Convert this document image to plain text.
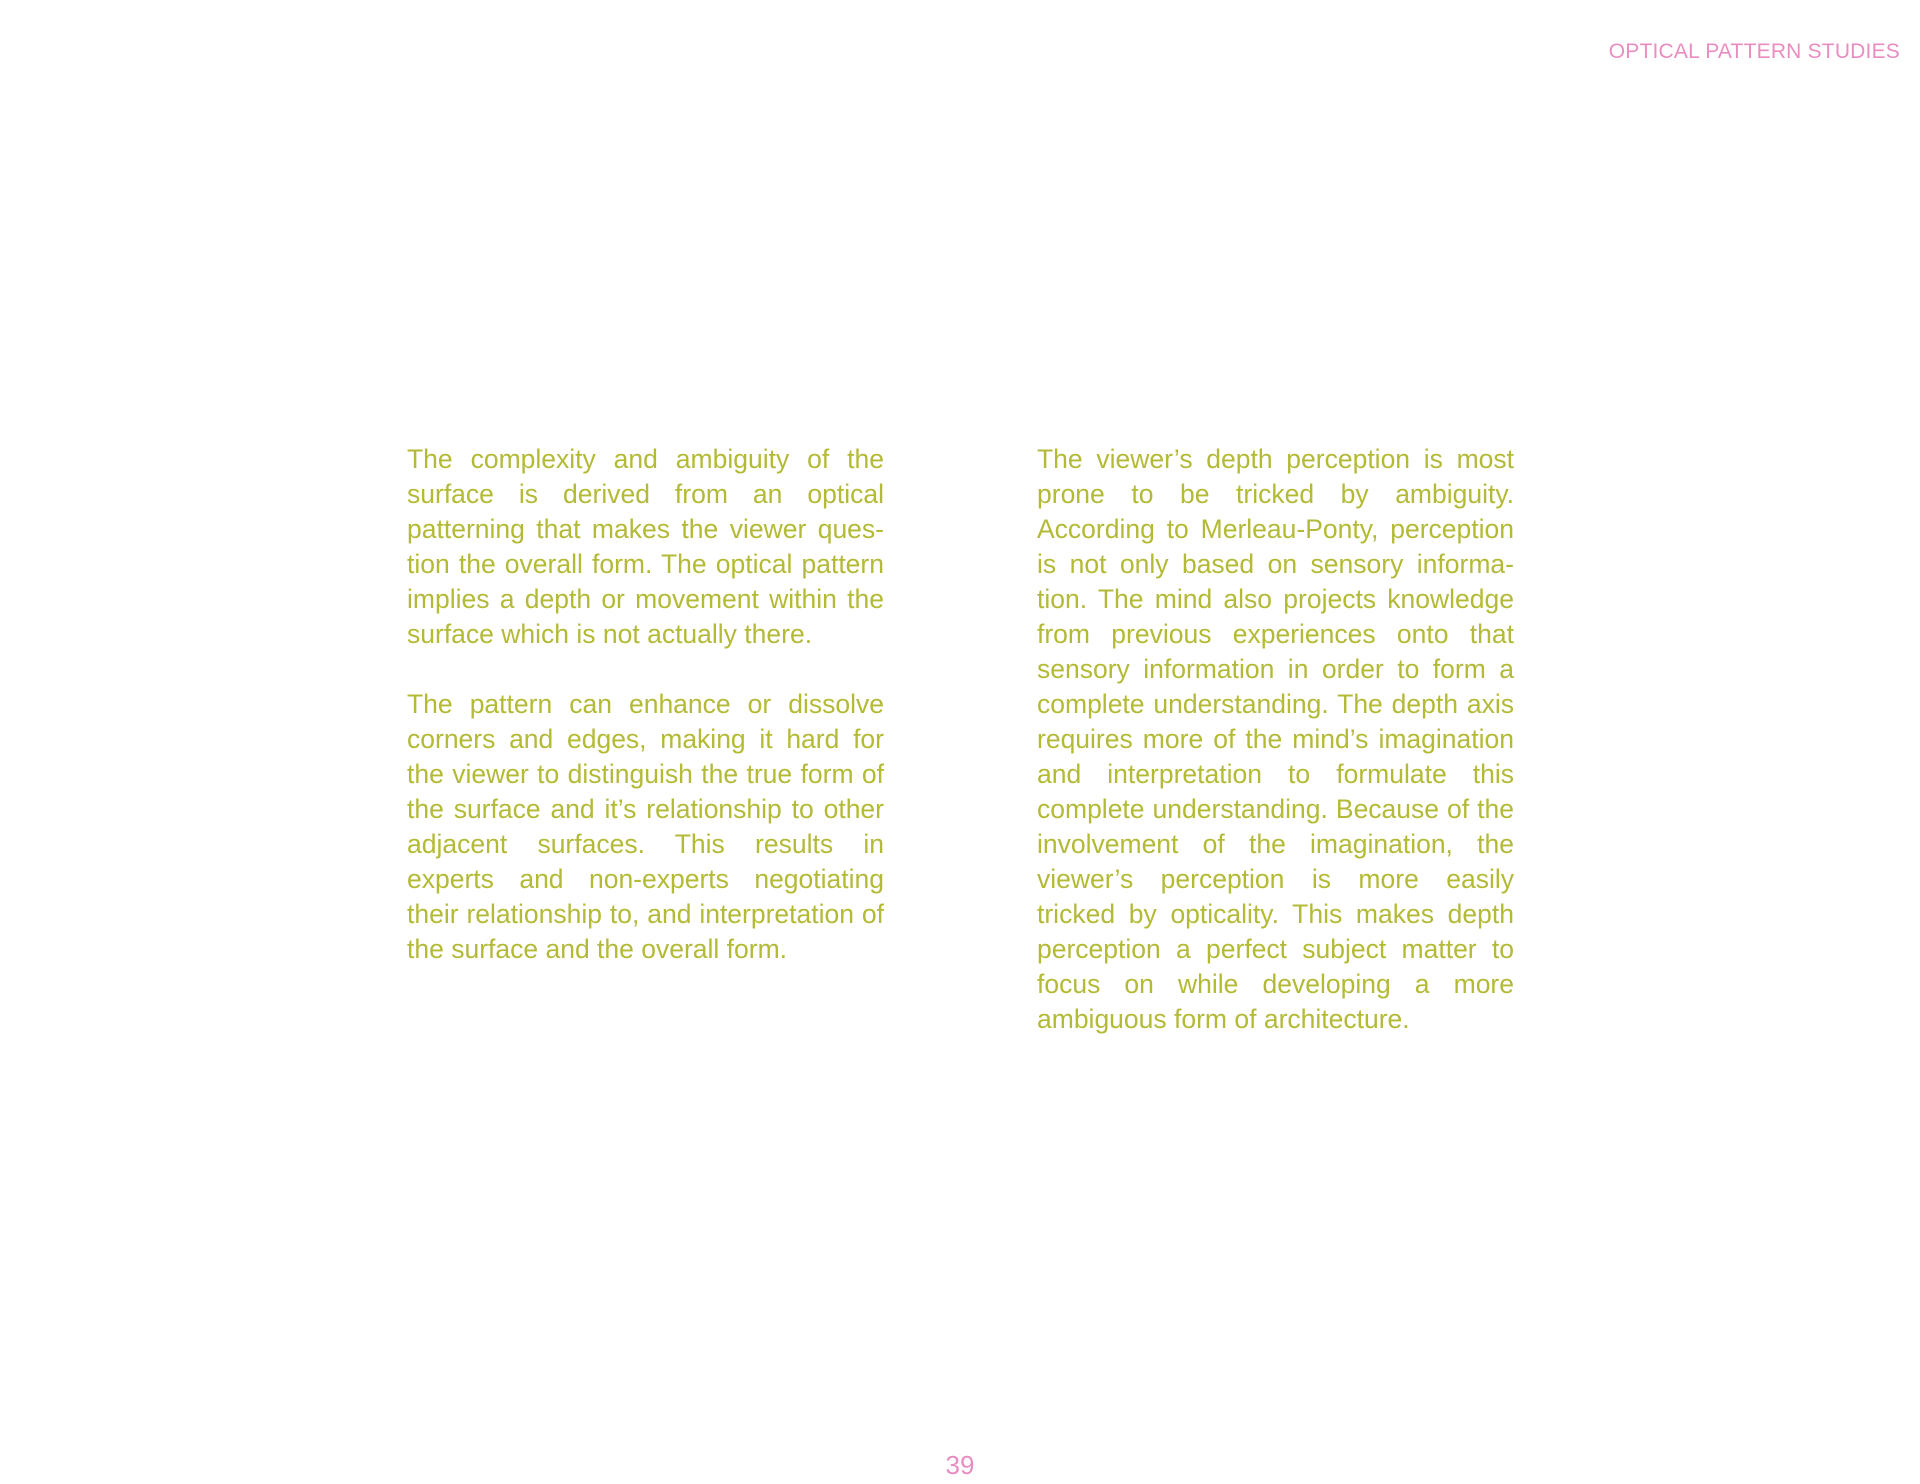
OPTICAL PATTERN STUDIES

The complexity and ambiguity of the surface is derived from an optical patterning that makes the viewer question the overall form. The optical pattern implies a depth or movement within the surface which is not actually there.

The pattern can enhance or dissolve corners and edges, making it hard for the viewer to distinguish the true form of the surface and it’s relationship to other adjacent surfaces. This results in experts and non-experts negotiating their relationship to, and interpretation of the surface and the overall form.

The viewer’s depth perception is most prone to be tricked by ambiguity. According to Merleau-Ponty, perception is not only based on sensory information. The mind also projects knowledge from previous experiences onto that sensory information in order to form a complete understanding. The depth axis requires more of the mind’s imagination and interpretation to formulate this complete understanding. Because of the involvement of the imagination, the viewer’s perception is more easily tricked by opticality. This makes depth perception a perfect subject matter to focus on while developing a more ambiguous form of architecture.

39
